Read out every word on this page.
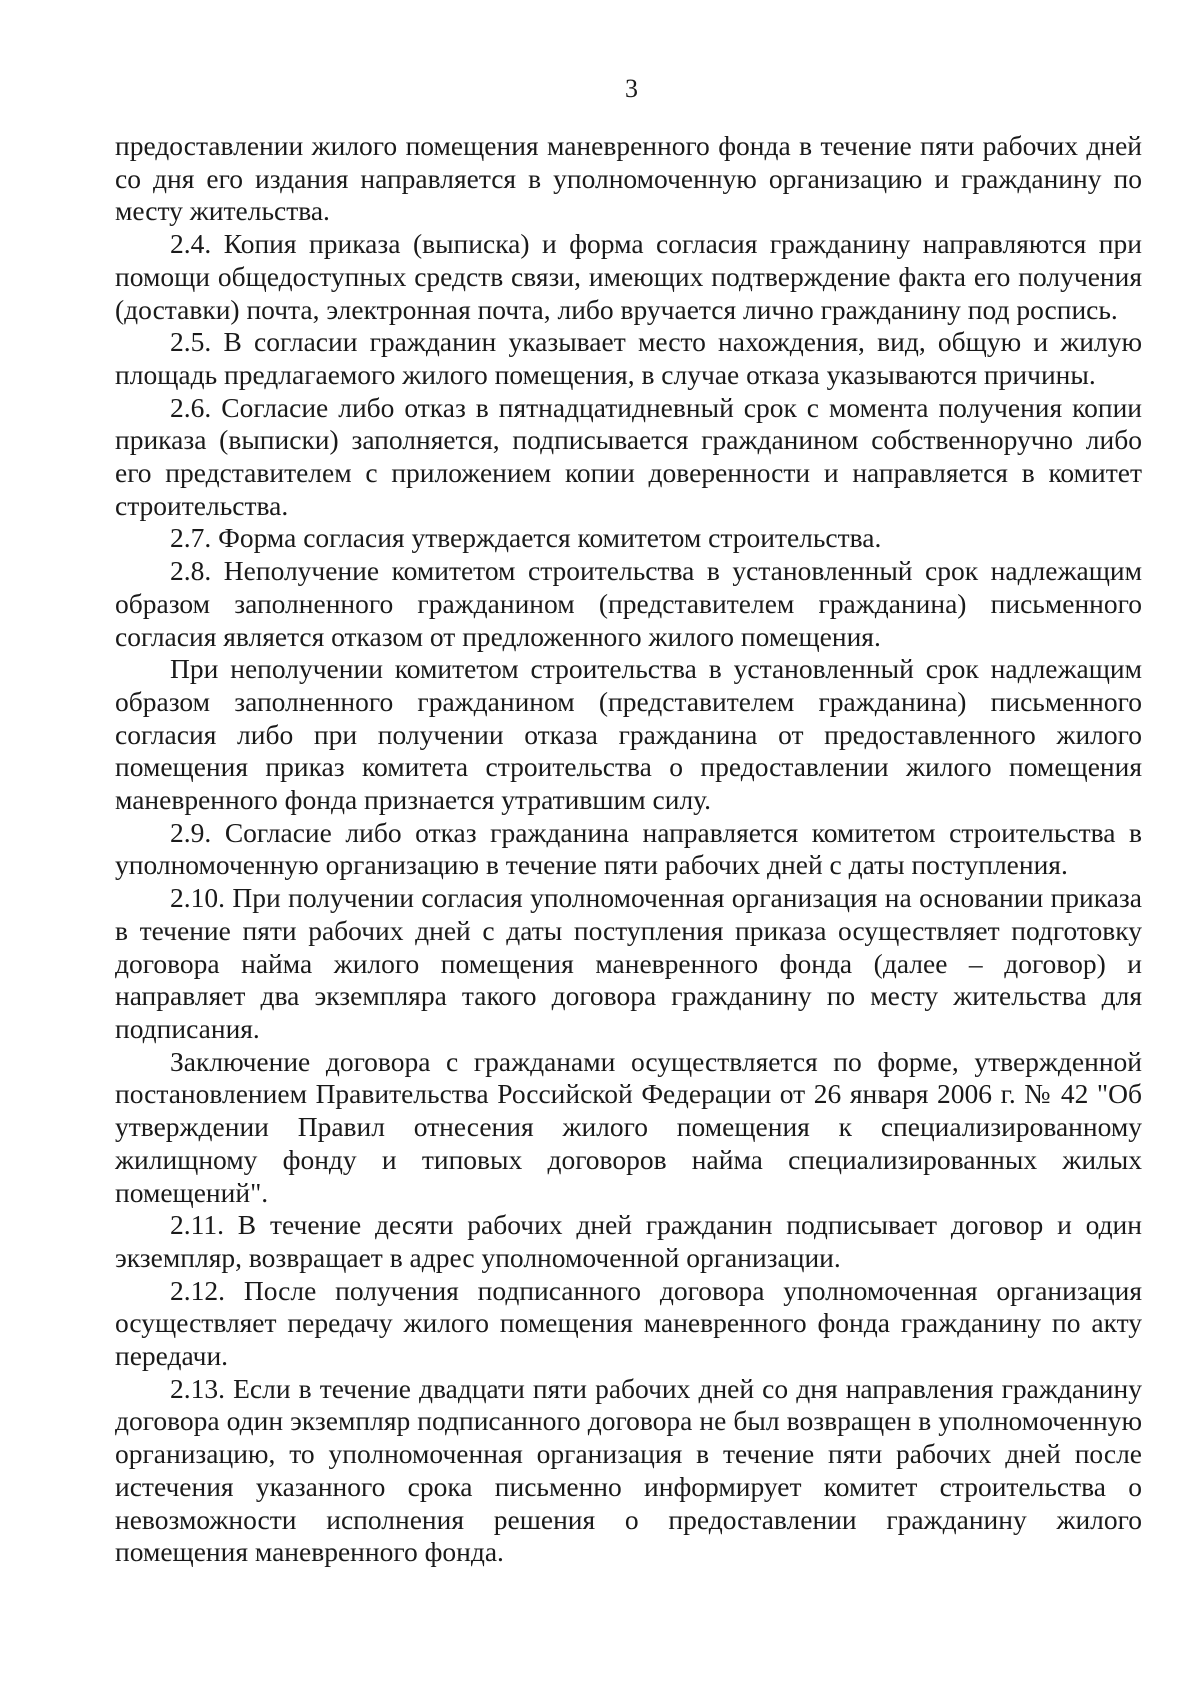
3

предоставлении жилого помещения маневренного фонда в течение пяти рабочих дней со дня его издания направляется в уполномоченную организацию и гражданину по месту жительства.

2.4. Копия приказа (выписка) и форма согласия гражданину направляются при помощи общедоступных средств связи, имеющих подтверждение факта его получения (доставки) почта, электронная почта, либо вручается лично гражданину под роспись.

2.5. В согласии гражданин указывает место нахождения, вид, общую и жилую площадь предлагаемого жилого помещения, в случае отказа указываются причины.

2.6. Согласие либо отказ в пятнадцатидневный срок с момента получения копии приказа (выписки) заполняется, подписывается гражданином собственноручно либо его представителем с приложением копии доверенности и направляется в комитет строительства.

2.7. Форма согласия утверждается комитетом строительства.

2.8. Неполучение комитетом строительства в установленный срок надлежащим образом заполненного гражданином (представителем гражданина) письменного согласия является отказом от предложенного жилого помещения.

При неполучении комитетом строительства в установленный срок надлежащим образом заполненного гражданином (представителем гражданина) письменного согласия либо при получении отказа гражданина от предоставленного жилого помещения приказ комитета строительства о предоставлении жилого помещения маневренного фонда признается утратившим силу.

2.9. Согласие либо отказ гражданина направляется комитетом строительства в уполномоченную организацию в течение пяти рабочих дней с даты поступления.

2.10. При получении согласия уполномоченная организация на основании приказа в течение пяти рабочих дней с даты поступления приказа осуществляет подготовку договора найма жилого помещения маневренного фонда (далее – договор) и направляет два экземпляра такого договора гражданину по месту жительства для подписания.

Заключение договора с гражданами осуществляется по форме, утвержденной постановлением Правительства Российской Федерации от 26 января 2006 г. № 42 "Об утверждении Правил отнесения жилого помещения к специализированному жилищному фонду и типовых договоров найма специализированных жилых помещений".

2.11. В течение десяти рабочих дней гражданин подписывает договор и один экземпляр, возвращает в адрес уполномоченной организации.

2.12. После получения подписанного договора уполномоченная организация осуществляет передачу жилого помещения маневренного фонда гражданину по акту передачи.

2.13. Если в течение двадцати пяти рабочих дней со дня направления гражданину договора один экземпляр подписанного договора не был возвращен в уполномоченную организацию, то уполномоченная организация в течение пяти рабочих дней после истечения указанного срока письменно информирует комитет строительства о невозможности исполнения решения о предоставлении гражданину жилого помещения маневренного фонда.
